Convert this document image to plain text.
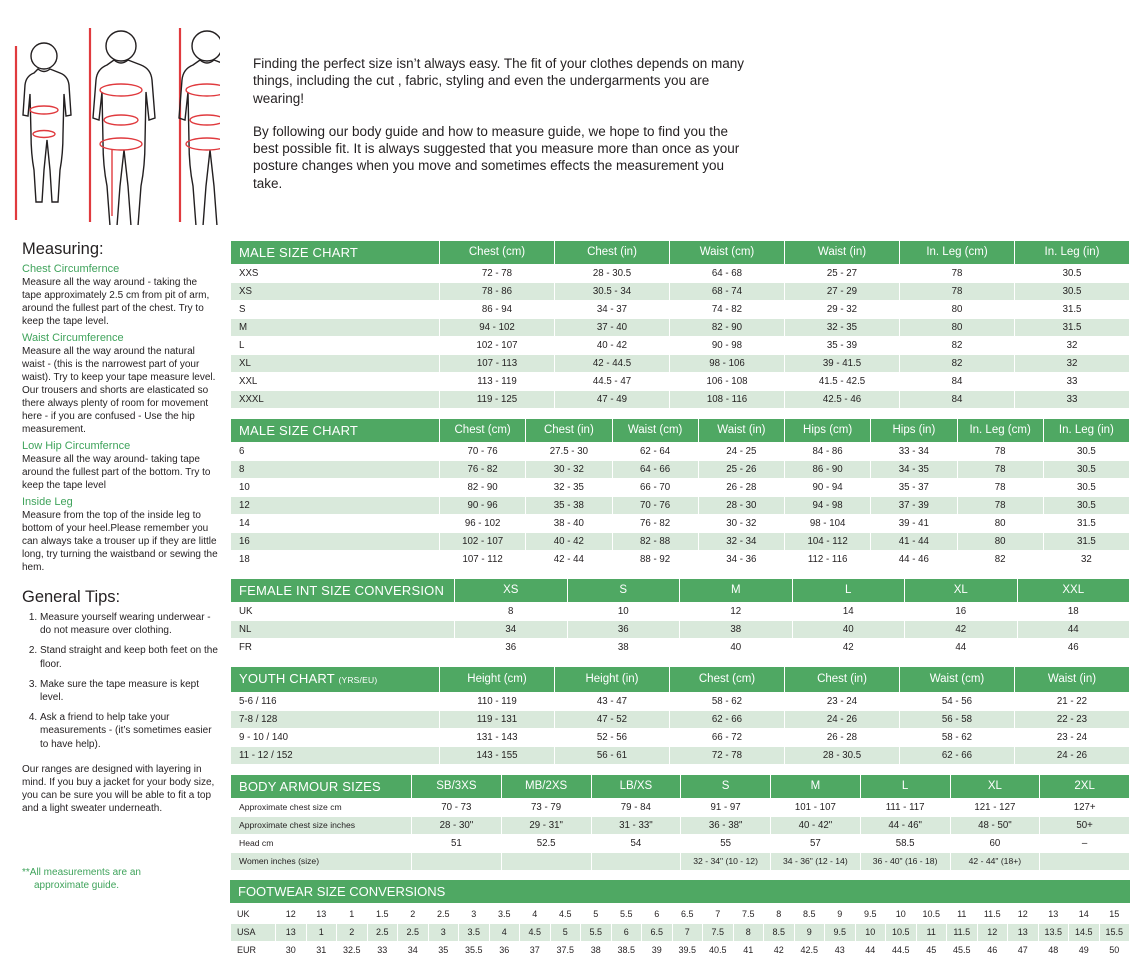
Finding the perfect size isn’t always easy. The fit of your clothes depends on many things, including the cut , fabric, styling and even the undergarments you are wearing!

By following our body guide and how to measure guide, we hope to find you the best possible fit. It is always suggested that you measure more than once as your posture changes when you move and sometimes effects the measurement you take.

Measuring:
Chest Circumfernce
Measure all the way around - taking the tape approximately 2.5 cm from pit of arm, around the fullest part of the chest. Try to keep the tape level.
Waist Circumference
Measure all the way around the natural waist - (this is the narrowest part of your waist). Try to keep your tape measure level. Our trousers and shorts are elasticated so there always plenty of room for movement here - if you are confused - Use the hip measurement.
Low Hip Circumfernce
Measure all the way around- taking tape around the fullest part of the bottom. Try to keep the tape level
Inside Leg
Measure from the top of the inside leg to bottom of your heel.Please remember you can always take a trouser up if they are little long, try turning the waistband or sewing the hem.
General Tips:
1. Measure yourself wearing underwear - do not measure over clothing.
2. Stand straight and keep both feet on the floor.
3. Make sure the tape measure is kept level.
4. Ask a friend to help take your measurements - (it’s sometimes easier to have help).
Our ranges are designed with layering in mind. If you buy a jacket for your body size, you can be sure you will be able to fit a top and a light sweater underneath.
**All measurements are an
approximate guide.
MALE SIZE CHART	Chest (cm)	Chest (in)	Waist (cm)	Waist (in)	In. Leg (cm)	In. Leg (in)
XXS	72 - 78	28 - 30.5	64 - 68	25 - 27	78	30.5
XS	78 - 86	30.5 - 34	68 - 74	27 - 29	78	30.5
S	86 - 94	34 - 37	74 - 82	29 - 32	80	31.5
M	94 - 102	37 - 40	82 - 90	32 - 35	80	31.5
L	102 - 107	40 - 42	90 - 98	35 - 39	82	32
XL	107 - 113	42 - 44.5	98 - 106	39 - 41.5	82	32
XXL	113 - 119	44.5 - 47	106 - 108	41.5 - 42.5	84	33
XXXL	119 - 125	47 - 49	108 - 116	42.5 - 46	84	33
MALE SIZE CHART	Chest (cm)	Chest (in)	Waist (cm)	Waist (in)	Hips (cm)	Hips (in)	In. Leg (cm)	In. Leg (in)
6	70 - 76	27.5 - 30	62 - 64	24 - 25	84 - 86	33 - 34	78	30.5
8	76 - 82	30 - 32	64 - 66	25 - 26	86 - 90	34 - 35	78	30.5
10	82 - 90	32 - 35	66 - 70	26 - 28	90 - 94	35 - 37	78	30.5
12	90 - 96	35 - 38	70 - 76	28 - 30	94 - 98	37 - 39	78	30.5
14	96 - 102	38 - 40	76 - 82	30 - 32	98 - 104	39 - 41	80	31.5
16	102 - 107	40 - 42	82 - 88	32 - 34	104 - 112	41 - 44	80	31.5
18	107 - 112	42 - 44	88 - 92	34 - 36	112 - 116	44 - 46	82	32
FEMALE INT SIZE CONVERSION	XS	S	M	L	XL	XXL
UK	8	10	12	14	16	18
NL	34	36	38	40	42	44
FR	36	38	40	42	44	46
YOUTH CHART (YRS/EU)	Height (cm)	Height (in)	Chest (cm)	Chest (in)	Waist (cm)	Waist (in)
5-6 / 116	110 - 119	43 - 47	58 - 62	23 - 24	54 - 56	21 - 22
7-8 / 128	119 - 131	47 - 52	62 - 66	24 - 26	56 - 58	22 - 23
9 - 10 / 140	131 - 143	52 - 56	66 - 72	26 - 28	58 - 62	23 - 24
11 - 12 / 152	143 - 155	56 - 61	72 - 78	28 - 30.5	62 - 66	24 - 26
BODY ARMOUR SIZES	SB/3XS	MB/2XS	LB/XS	S	M	L	XL	2XL
Approximate chest size cm	70 - 73	73 - 79	79 - 84	91 - 97	101 - 107	111 - 117	121 - 127	127+
Approximate chest size inches	28 - 30"	29 - 31"	31 - 33"	36 - 38"	40 - 42"	44 - 46"	48 - 50"	50+
Head cm	51	52.5	54	55	57	58.5	60	–
Women inches (size)				32 - 34" (10 - 12)	34 - 36" (12 - 14)	36 - 40" (16 - 18)	42 - 44" (18+)	
FOOTWEAR SIZE CONVERSIONS
UK	12	13	1	1.5	2	2.5	3	3.5	4	4.5	5	5.5	6	6.5	7	7.5	8	8.5	9	9.5	10	10.5	11	11.5	12	13	14	15
USA	13	1	2	2.5	2.5	3	3.5	4	4.5	5	5.5	6	6.5	7	7.5	8	8.5	9	9.5	10	10.5	11	11.5	12	13	13.5	14.5	15.5
EUR	30	31	32.5	33	34	35	35.5	36	37	37.5	38	38.5	39	39.5	40.5	41	42	42.5	43	44	44.5	45	45.5	46	47	48	49	50
